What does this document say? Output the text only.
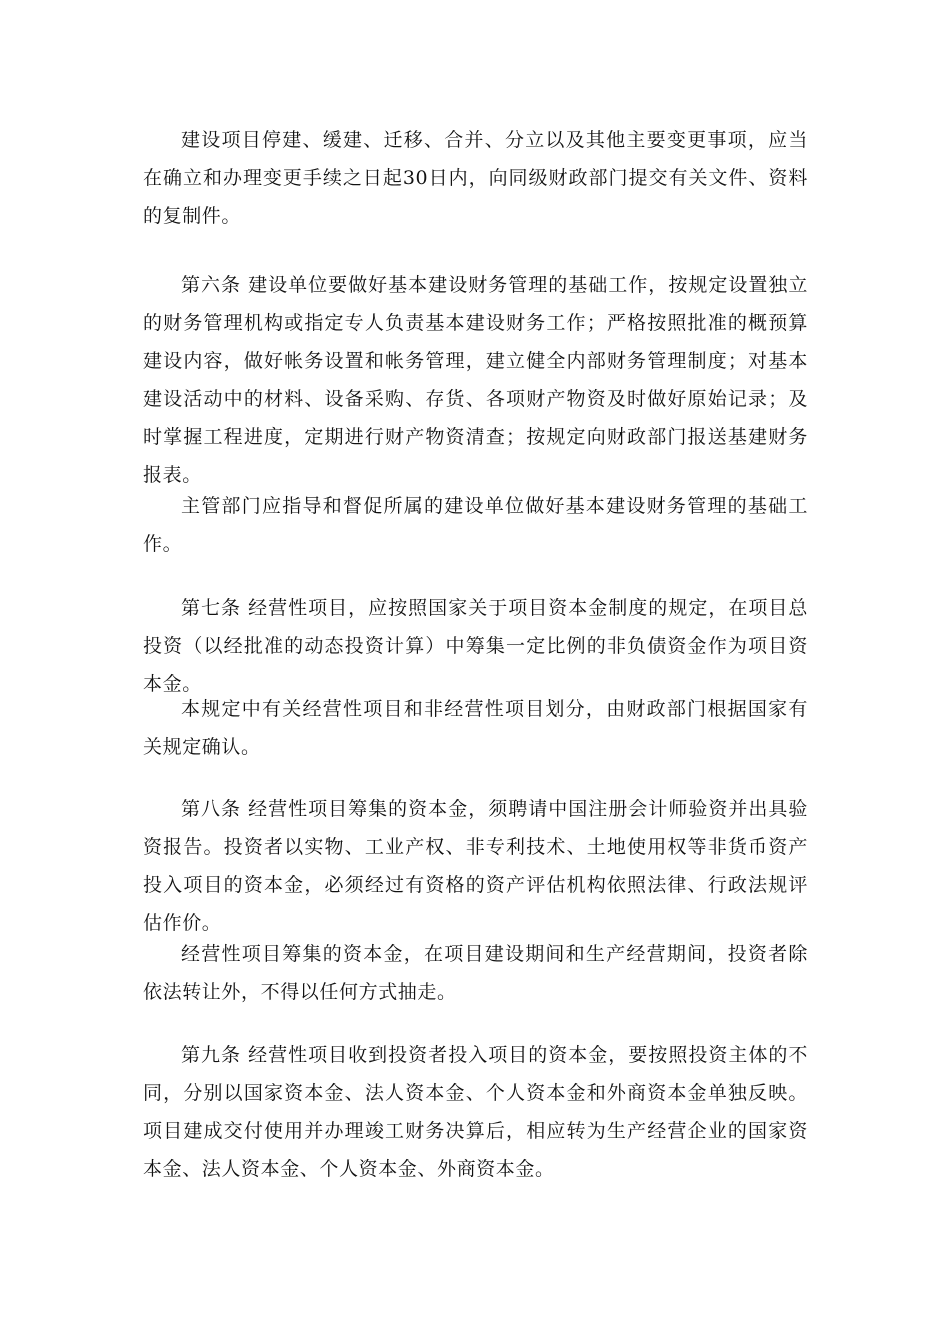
建设项目停建、缓建、迁移、合并、分立以及其他主要变更事项，应当在确立和办理变更手续之日起30日内，向同级财政部门提交有关文件、资料的复制件。

第六条 建设单位要做好基本建设财务管理的基础工作，按规定设置独立的财务管理机构或指定专人负责基本建设财务工作；严格按照批准的概预算建设内容，做好帐务设置和帐务管理，建立健全内部财务管理制度；对基本建设活动中的材料、设备采购、存货、各项财产物资及时做好原始记录；及时掌握工程进度，定期进行财产物资清查；按规定向财政部门报送基建财务报表。

主管部门应指导和督促所属的建设单位做好基本建设财务管理的基础工作。

第七条 经营性项目，应按照国家关于项目资本金制度的规定，在项目总投资（以经批准的动态投资计算）中筹集一定比例的非负债资金作为项目资本金。

本规定中有关经营性项目和非经营性项目划分，由财政部门根据国家有关规定确认。

第八条 经营性项目筹集的资本金，须聘请中国注册会计师验资并出具验资报告。投资者以实物、工业产权、非专利技术、土地使用权等非货币资产投入项目的资本金，必须经过有资格的资产评估机构依照法律、行政法规评估作价。

经营性项目筹集的资本金，在项目建设期间和生产经营期间，投资者除依法转让外，不得以任何方式抽走。

第九条 经营性项目收到投资者投入项目的资本金，要按照投资主体的不同，分别以国家资本金、法人资本金、个人资本金和外商资本金单独反映。项目建成交付使用并办理竣工财务决算后，相应转为生产经营企业的国家资本金、法人资本金、个人资本金、外商资本金。
